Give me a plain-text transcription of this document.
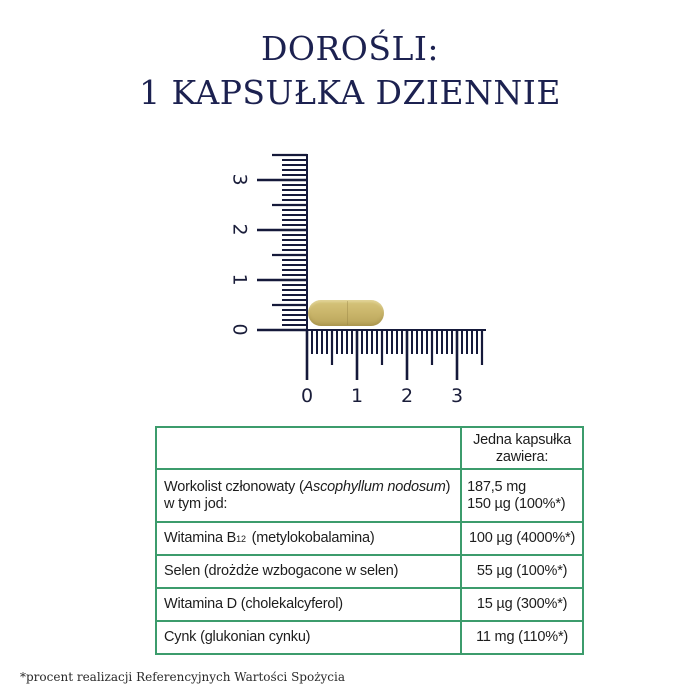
DOROŚLI:
1 KAPSUŁKA DZIENNIE
0 1 2 3
0
1
2
3
	Jedna kapsułka
zawiera:
Workolist członowaty (Ascophyllum nodosum)
w tym jod:	187,5 mg
150 µg (100%*)
Witamina B12 (metylokobalamina)	100 µg (4000%*)
Selen (drożdże wzbogacone w selen)	55 µg (100%*)
Witamina D (cholekalcyferol)	15 µg (300%*)
Cynk (glukonian cynku)	11 mg (110%*)
*procent realizacji Referencyjnych Wartości Spożycia
